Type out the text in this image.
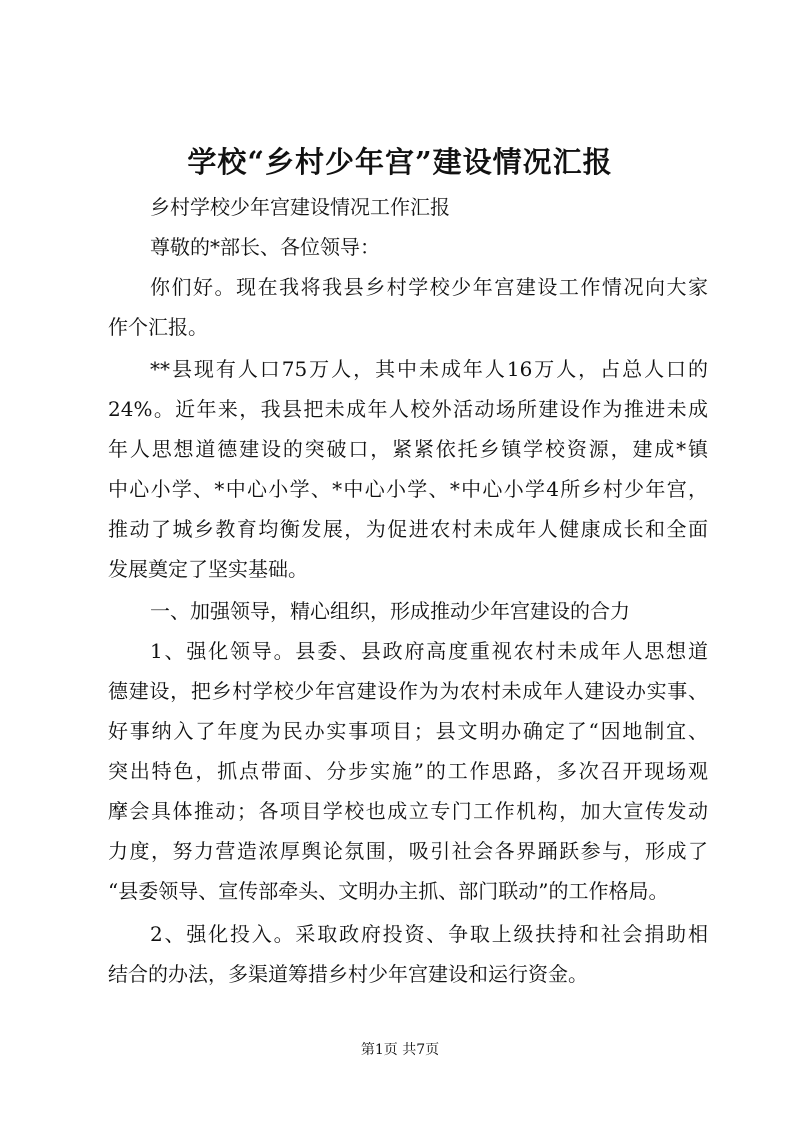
学校“乡村少年宫”建设情况汇报
乡村学校少年宫建设情况工作汇报
尊敬的*部长、各位领导：
你们好。现在我将我县乡村学校少年宫建设工作情况向大家
作个汇报。
**县现有人口75万人，其中未成年人16万人，占总人口的
24%。近年来，我县把未成年人校外活动场所建设作为推进未成
年人思想道德建设的突破口，紧紧依托乡镇学校资源，建成*镇
中心小学、*中心小学、*中心小学、*中心小学4所乡村少年宫，
推动了城乡教育均衡发展，为促进农村未成年人健康成长和全面
发展奠定了坚实基础。
一、加强领导，精心组织，形成推动少年宫建设的合力
1、强化领导。县委、县政府高度重视农村未成年人思想道
德建设，把乡村学校少年宫建设作为为农村未成年人建设办实事、
好事纳入了年度为民办实事项目；县文明办确定了“因地制宜、
突出特色，抓点带面、分步实施”的工作思路，多次召开现场观
摩会具体推动；各项目学校也成立专门工作机构，加大宣传发动
力度，努力营造浓厚舆论氛围，吸引社会各界踊跃参与，形成了
“县委领导、宣传部牵头、文明办主抓、部门联动”的工作格局。
2、强化投入。采取政府投资、争取上级扶持和社会捐助相
结合的办法，多渠道筹措乡村少年宫建设和运行资金。
第1页 共7页
